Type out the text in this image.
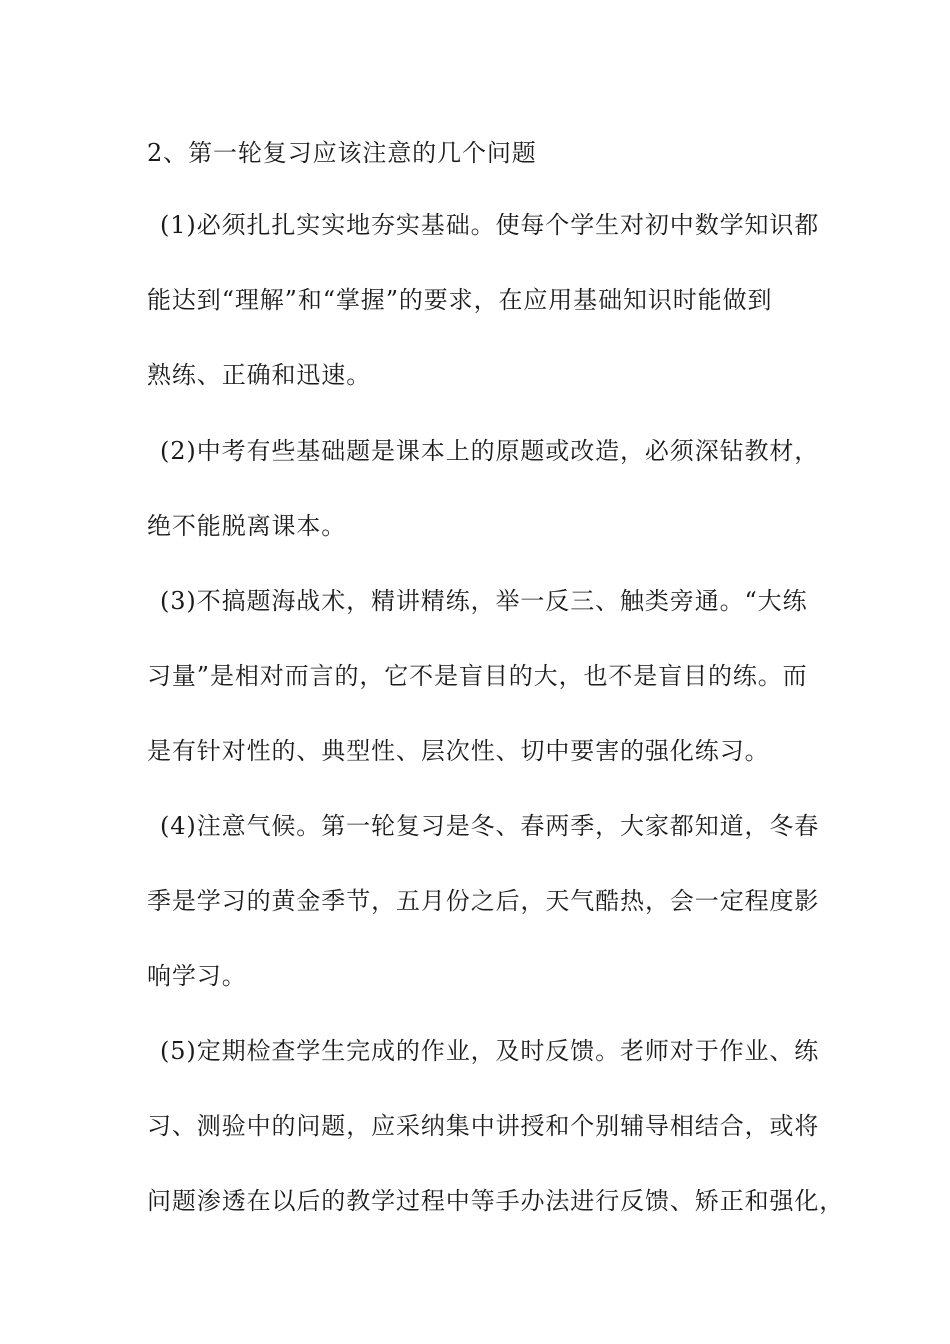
2、第一轮复习应该注意的几个问题
(1)必须扎扎实实地夯实基础。使每个学生对初中数学知识都
能达到“理解”和“掌握”的要求，在应用基础知识时能做到
熟练、正确和迅速。
(2)中考有些基础题是课本上的原题或改造，必须深钻教材，
绝不能脱离课本。
(3)不搞题海战术，精讲精练，举一反三、触类旁通。“大练
习量”是相对而言的，它不是盲目的大，也不是盲目的练。而
是有针对性的、典型性、层次性、切中要害的强化练习。
(4)注意气候。第一轮复习是冬、春两季，大家都知道，冬春
季是学习的黄金季节，五月份之后，天气酷热，会一定程度影
响学习。
(5)定期检查学生完成的作业，及时反馈。老师对于作业、练
习、测验中的问题，应采纳集中讲授和个别辅导相结合，或将
问题渗透在以后的教学过程中等手办法进行反馈、矫正和强化，
